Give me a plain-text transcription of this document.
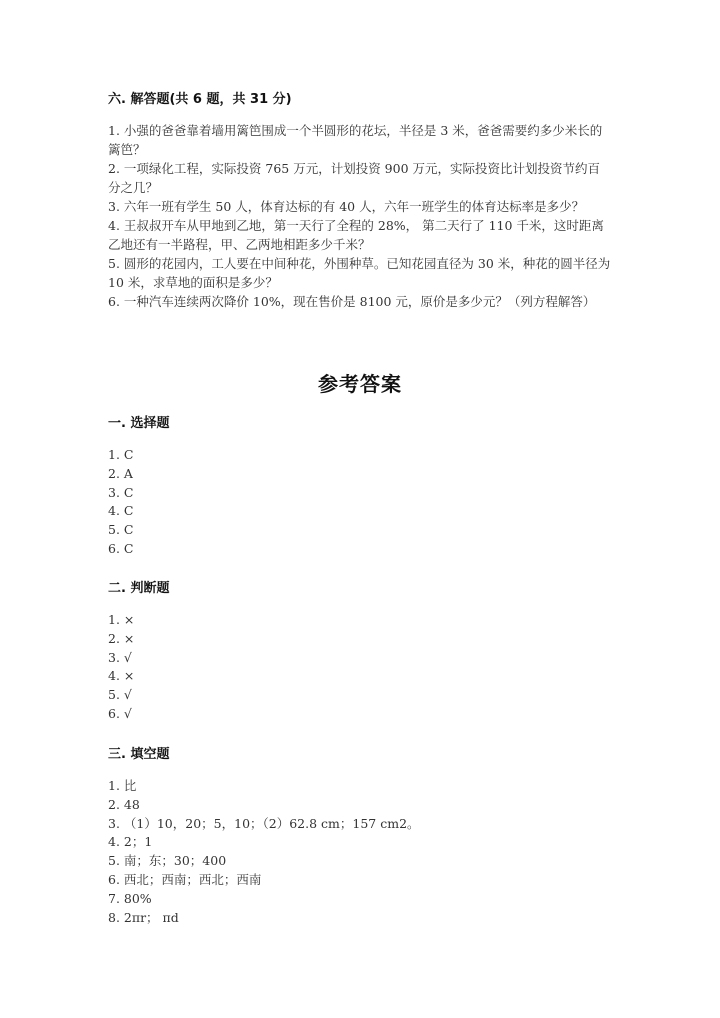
六. 解答题(共 6 题，共 31 分)

1. 小强的爸爸靠着墙用篱笆围成一个半圆形的花坛，半径是 3 米，爸爸需要约多少米长的篱笆？

2. 一项绿化工程，实际投资 765 万元，计划投资 900 万元，实际投资比计划投资节约百分之几？

3. 六年一班有学生 50 人，体育达标的有 40 人，六年一班学生的体育达标率是多少？

4. 王叔叔开车从甲地到乙地，第一天行了全程的 28%， 第二天行了 110 千米，这时距离乙地还有一半路程，甲、乙两地相距多少千米？

5. 圆形的花园内，工人要在中间种花，外围种草。已知花园直径为 30 米，种花的圆半径为 10 米，求草地的面积是多少？

6. 一种汽车连续两次降价 10%，现在售价是 8100 元，原价是多少元？（列方程解答）

参考答案
一. 选择题
1. C
2. A
3. C
4. C
5. C
6. C
二. 判断题
1. ×
2. ×
3. √
4. ×
5. √
6. √
三. 填空题
1. 比
2. 48
3. （1）10，20；5，10；（2）62.8 cm；157 cm2。
4. 2；1
5. 南；东；30；400
6. 西北；西南；西北；西南
7. 80%
8. 2πr； πd
